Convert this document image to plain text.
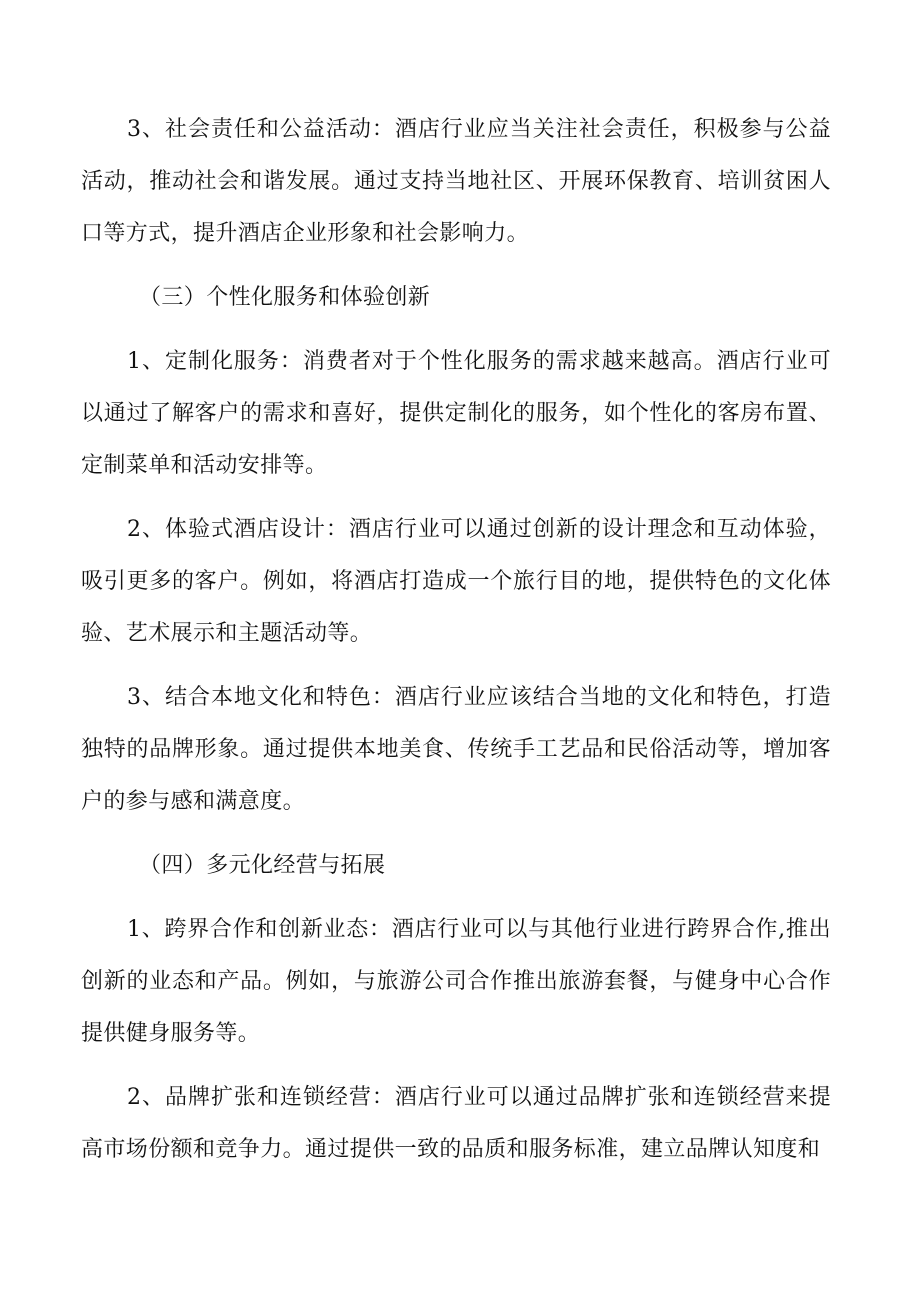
3、社会责任和公益活动：酒店行业应当关注社会责任，积极参与公益活动，推动社会和谐发展。通过支持当地社区、开展环保教育、培训贫困人口等方式，提升酒店企业形象和社会影响力。

（三）个性化服务和体验创新

1、定制化服务：消费者对于个性化服务的需求越来越高。酒店行业可以通过了解客户的需求和喜好，提供定制化的服务，如个性化的客房布置、定制菜单和活动安排等。

2、体验式酒店设计：酒店行业可以通过创新的设计理念和互动体验，吸引更多的客户。例如，将酒店打造成一个旅行目的地，提供特色的文化体验、艺术展示和主题活动等。

3、结合本地文化和特色：酒店行业应该结合当地的文化和特色，打造独特的品牌形象。通过提供本地美食、传统手工艺品和民俗活动等，增加客户的参与感和满意度。

（四）多元化经营与拓展

1、跨界合作和创新业态：酒店行业可以与其他行业进行跨界合作,推出创新的业态和产品。例如，与旅游公司合作推出旅游套餐，与健身中心合作提供健身服务等。

2、品牌扩张和连锁经营：酒店行业可以通过品牌扩张和连锁经营来提高市场份额和竞争力。通过提供一致的品质和服务标准，建立品牌认知度和
